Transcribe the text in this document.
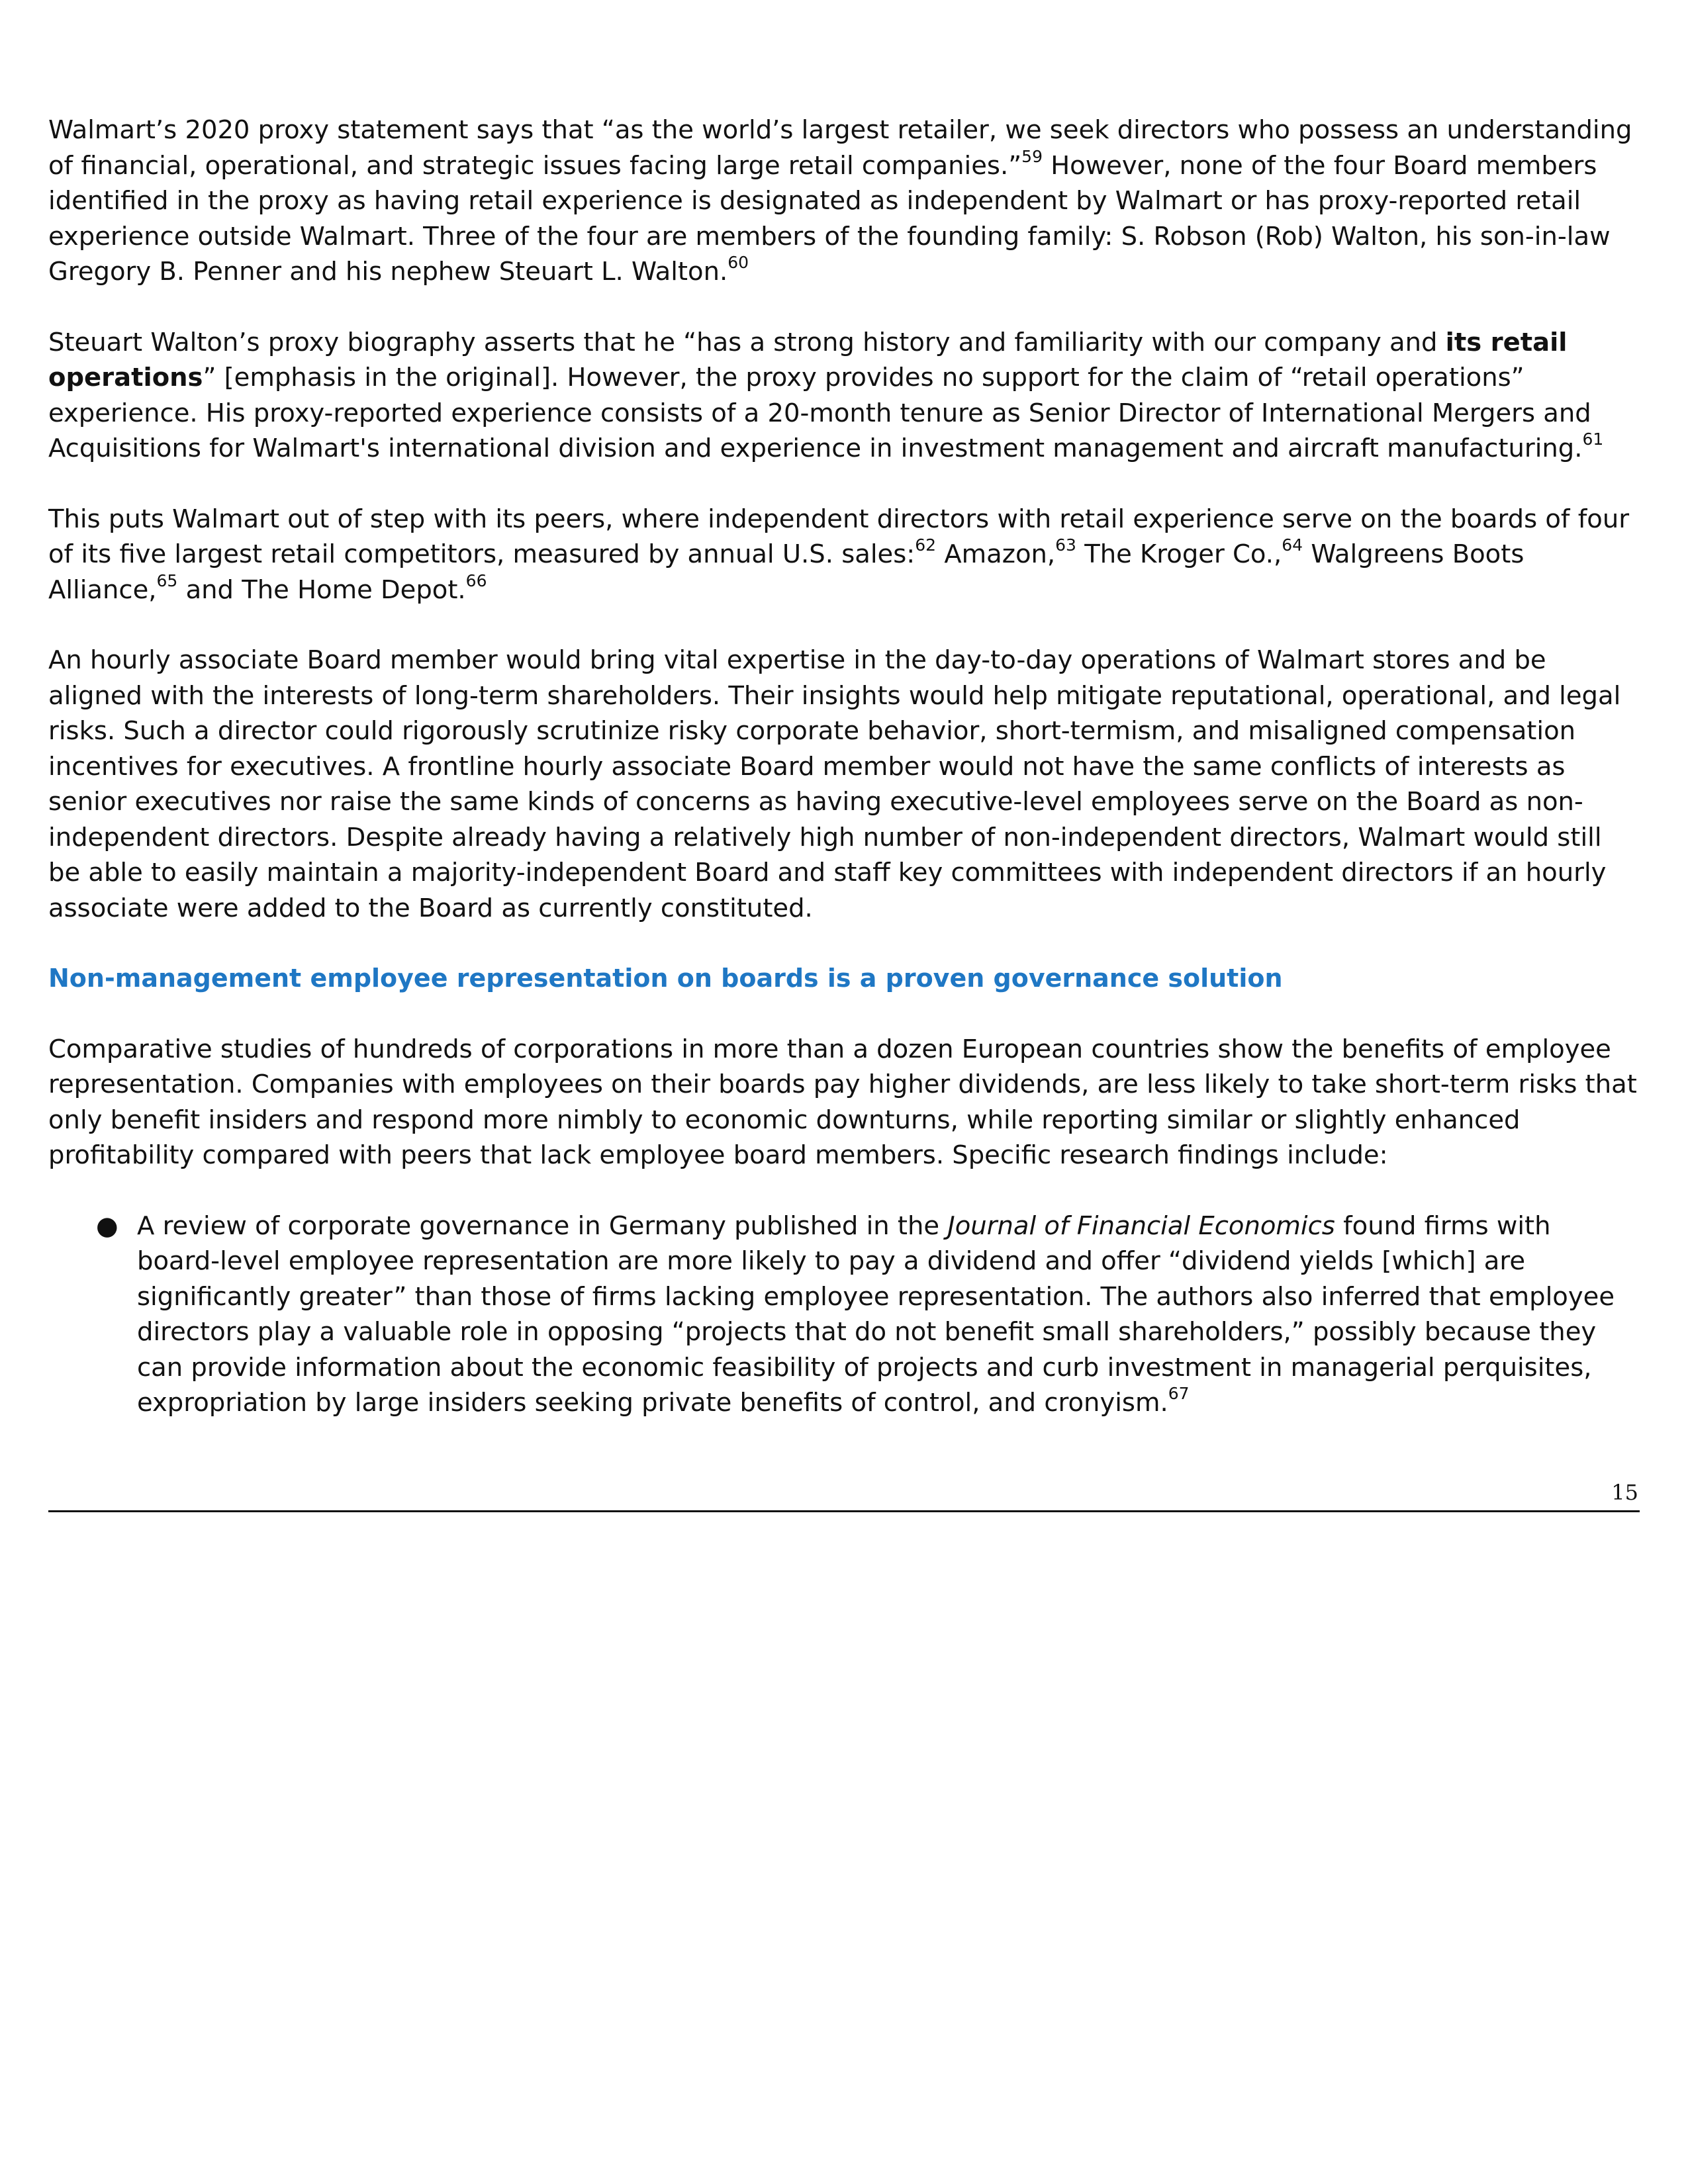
Walmart’s 2020 proxy statement says that “as the world’s largest retailer, we seek directors who possess an understanding of financial, operational, and strategic issues facing large retail companies.”$^{59}$ However, none of the four Board members identified in the proxy as having retail experience is designated as independent by Walmart or has proxy-reported retail experience outside Walmart. Three of the four are members of the founding family: S. Robson (Rob) Walton, his son-in-law Gregory B. Penner and his nephew Steuart L. Walton.$^{60}$

Steuart Walton’s proxy biography asserts that he “has a strong history and familiarity with our company and its retail operations” [emphasis in the original]. However, the proxy provides no support for the claim of “retail operations” experience. His proxy-reported experience consists of a 20-month tenure as Senior Director of International Mergers and Acquisitions for Walmart's international division and experience in investment management and aircraft manufacturing.$^{61}$

This puts Walmart out of step with its peers, where independent directors with retail experience serve on the boards of four of its five largest retail competitors, measured by annual U.S. sales:$^{62}$ Amazon,$^{63}$ The Kroger Co.,$^{64}$ Walgreens Boots Alliance,$^{65}$ and The Home Depot.$^{66}$

An hourly associate Board member would bring vital expertise in the day-to-day operations of Walmart stores and be aligned with the interests of long-term shareholders. Their insights would help mitigate reputational, operational, and legal risks. Such a director could rigorously scrutinize risky corporate behavior, short-termism, and misaligned compensation incentives for executives. A frontline hourly associate Board member would not have the same conflicts of interests as senior executives nor raise the same kinds of concerns as having executive-level employees serve on the Board as non-independent directors. Despite already having a relatively high number of non-independent directors, Walmart would still be able to easily maintain a majority-independent Board and staff key committees with independent directors if an hourly associate were added to the Board as currently constituted.

Non-management employee representation on boards is a proven governance solution

Comparative studies of hundreds of corporations in more than a dozen European countries show the benefits of employee representation. Companies with employees on their boards pay higher dividends, are less likely to take short-term risks that only benefit insiders and respond more nimbly to economic downturns, while reporting similar or slightly enhanced profitability compared with peers that lack employee board members. Specific research findings include:

● A review of corporate governance in Germany published in the Journal of Financial Economics found firms with board-level employee representation are more likely to pay a dividend and offer “dividend yields [which] are significantly greater” than those of firms lacking employee representation. The authors also inferred that employee directors play a valuable role in opposing “projects that do not benefit small shareholders,” possibly because they can provide information about the economic feasibility of projects and curb investment in managerial perquisites, expropriation by large insiders seeking private benefits of control, and cronyism.$^{67}$
15
